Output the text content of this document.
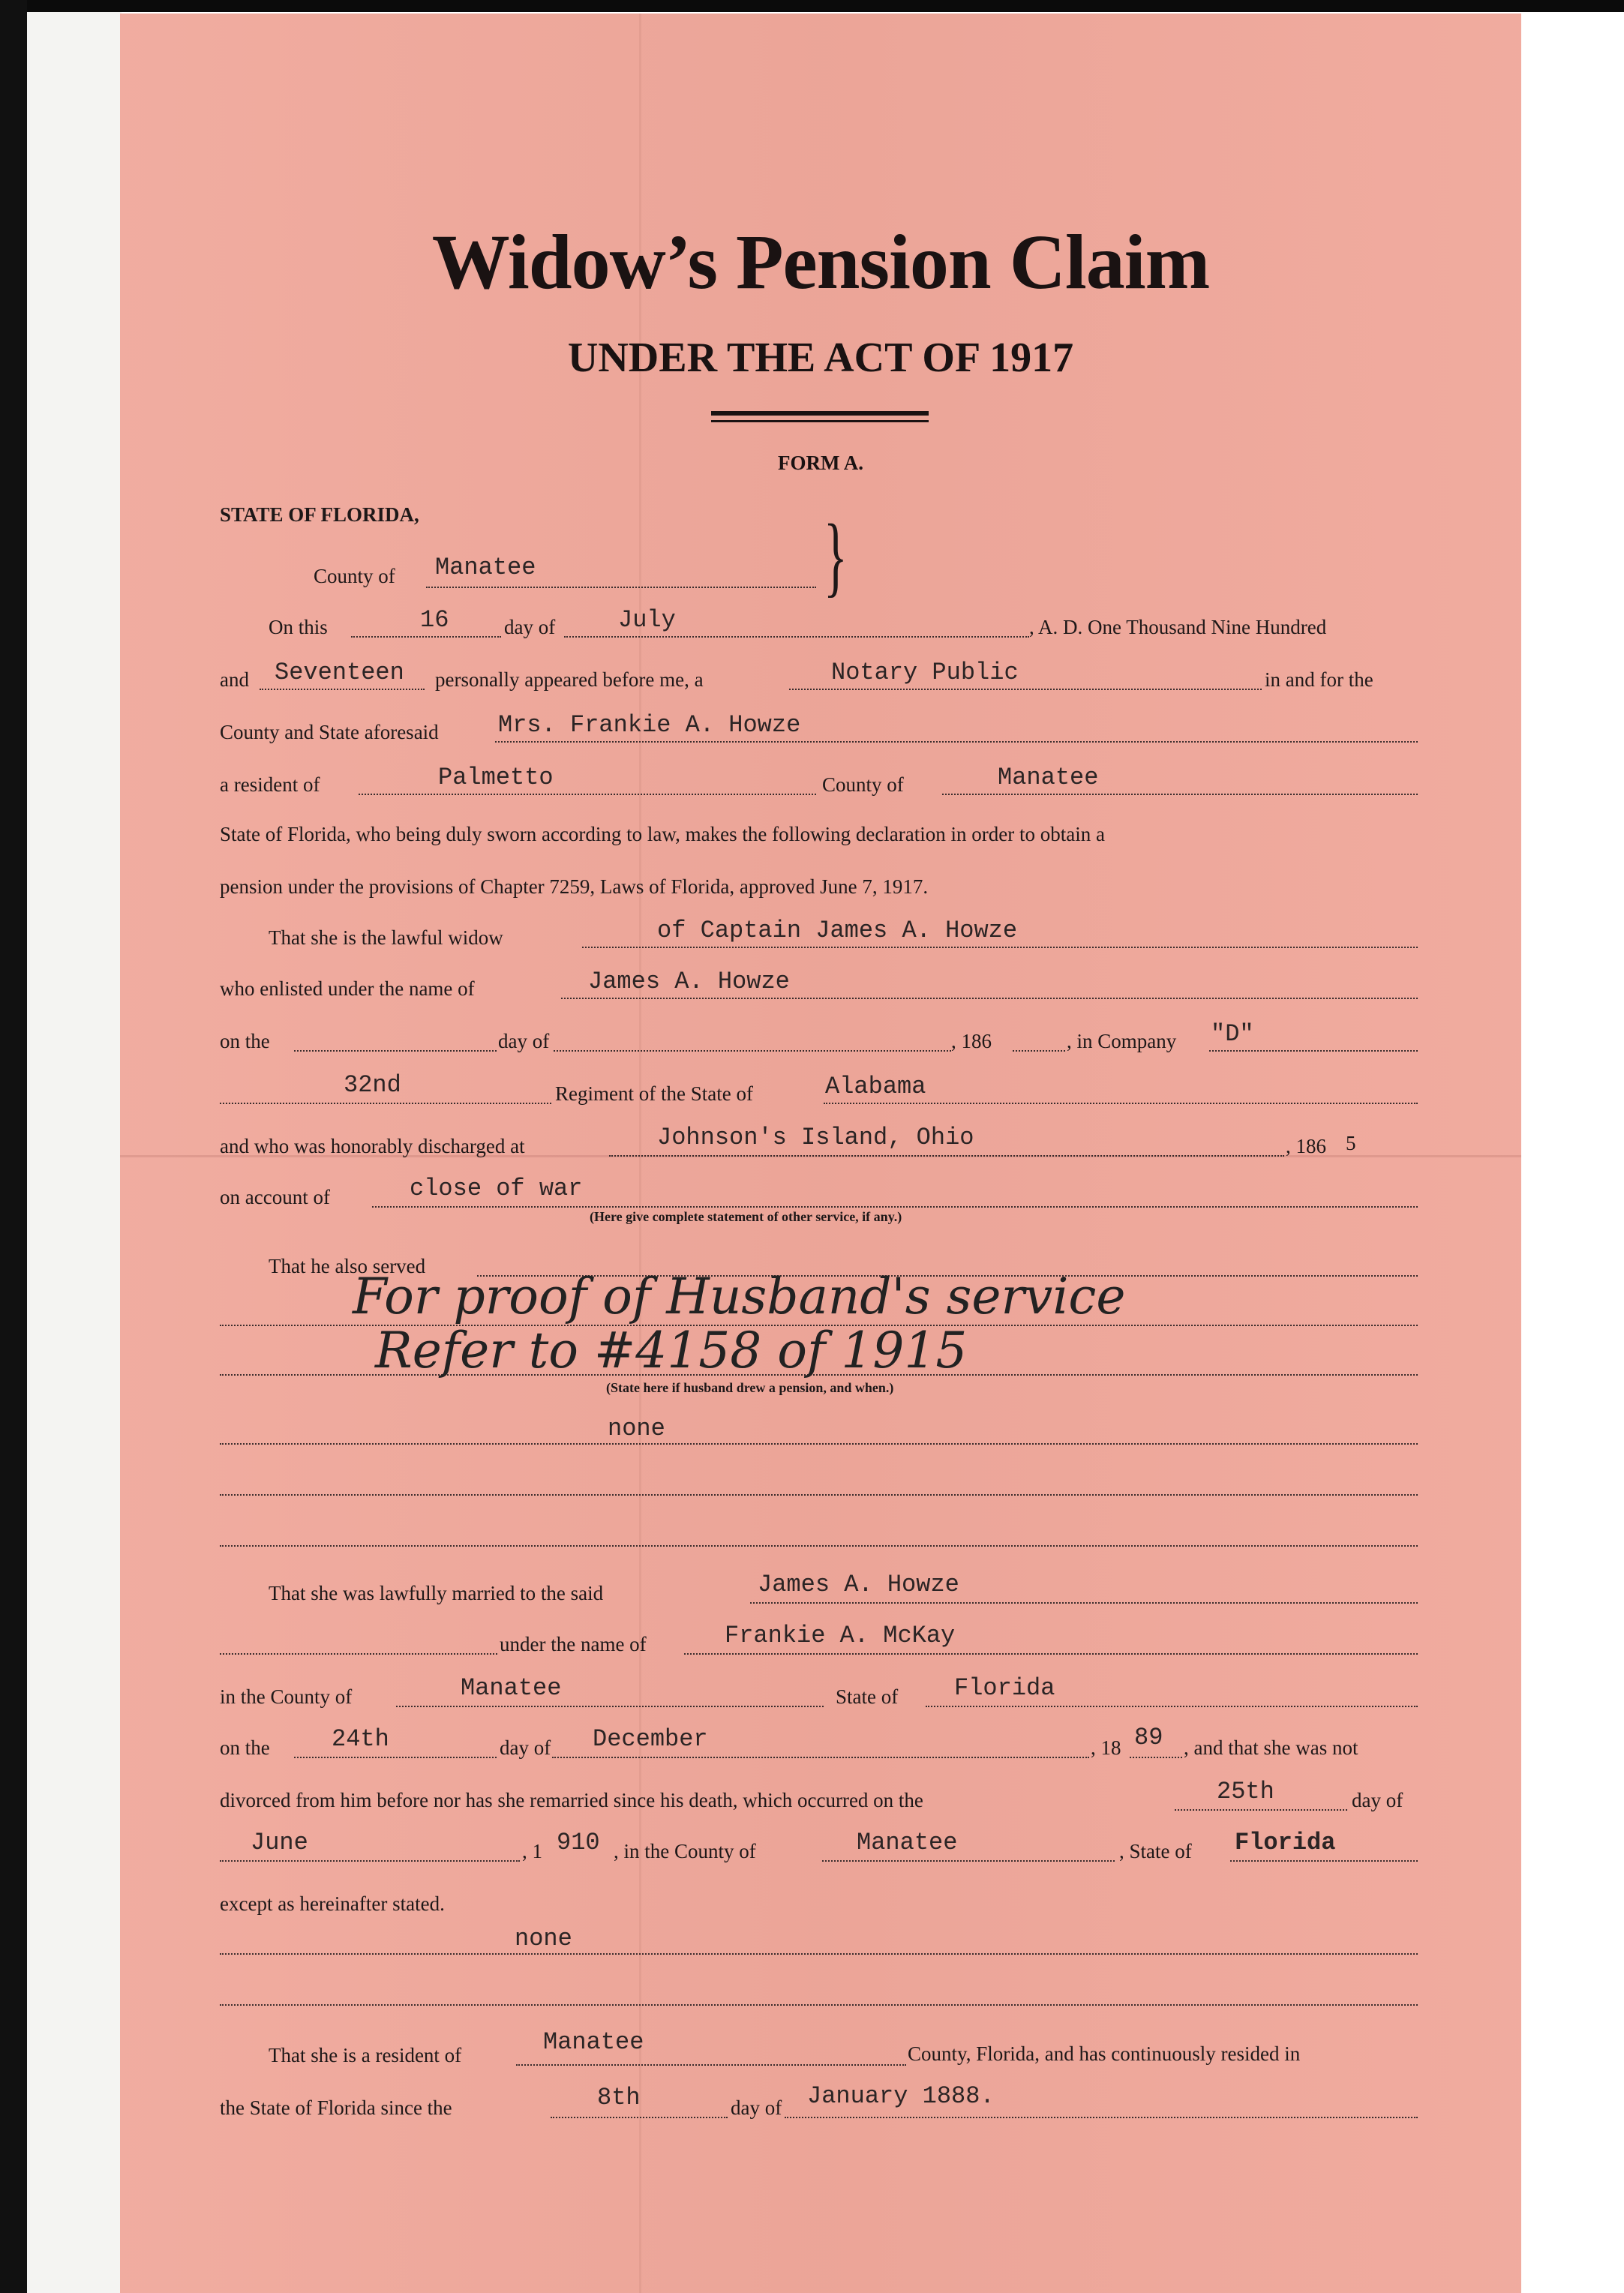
Widow’s Pension Claim
UNDER THE ACT OF 1917
FORM A.
STATE OF FLORIDA,
County of Manatee	}
On this	16	day of	July	, A. D. One Thousand Nine Hundred
and Seventeen personally appeared before me, a	Notary Public	in and for the
County and State aforesaid Mrs. Frankie A. Howze
a resident of	Palmetto	County of	Manatee
State of Florida, who being duly sworn according to law, makes the following declaration in order to obtain a
pension under the provisions of Chapter 7259, Laws of Florida, approved June 7, 1917.
That she is the lawful widow	of Captain James A. Howze
who enlisted under the name of	James A. Howze
on the	day of	, 186	, in Company "D"
32nd	Regiment of the State of	Alabama
and who was honorably discharged at	Johnson's Island, Ohio	, 186 5
on account of	close of war
(Here give complete statement of other service, if any.)
That he also served
For proof of Husband's service
Refer to #4158 of 1915
(State here if husband drew a pension, and when.)
none
That she was lawfully married to the said	James A. Howze
under the name of	Frankie A. McKay
in the County of	Manatee	State of Florida
on the	24th	day of December	, 18 89 , and that she was not
divorced from him before nor has she remarried since his death, which occurred on the	25th	day of
June	, 1 910 , in the County of	Manatee	, State of Florida
except as hereinafter stated.
none
That she is a resident of	Manatee	County, Florida, and has continuously resided in
the State of Florida since the	8th	day of January 1888.
